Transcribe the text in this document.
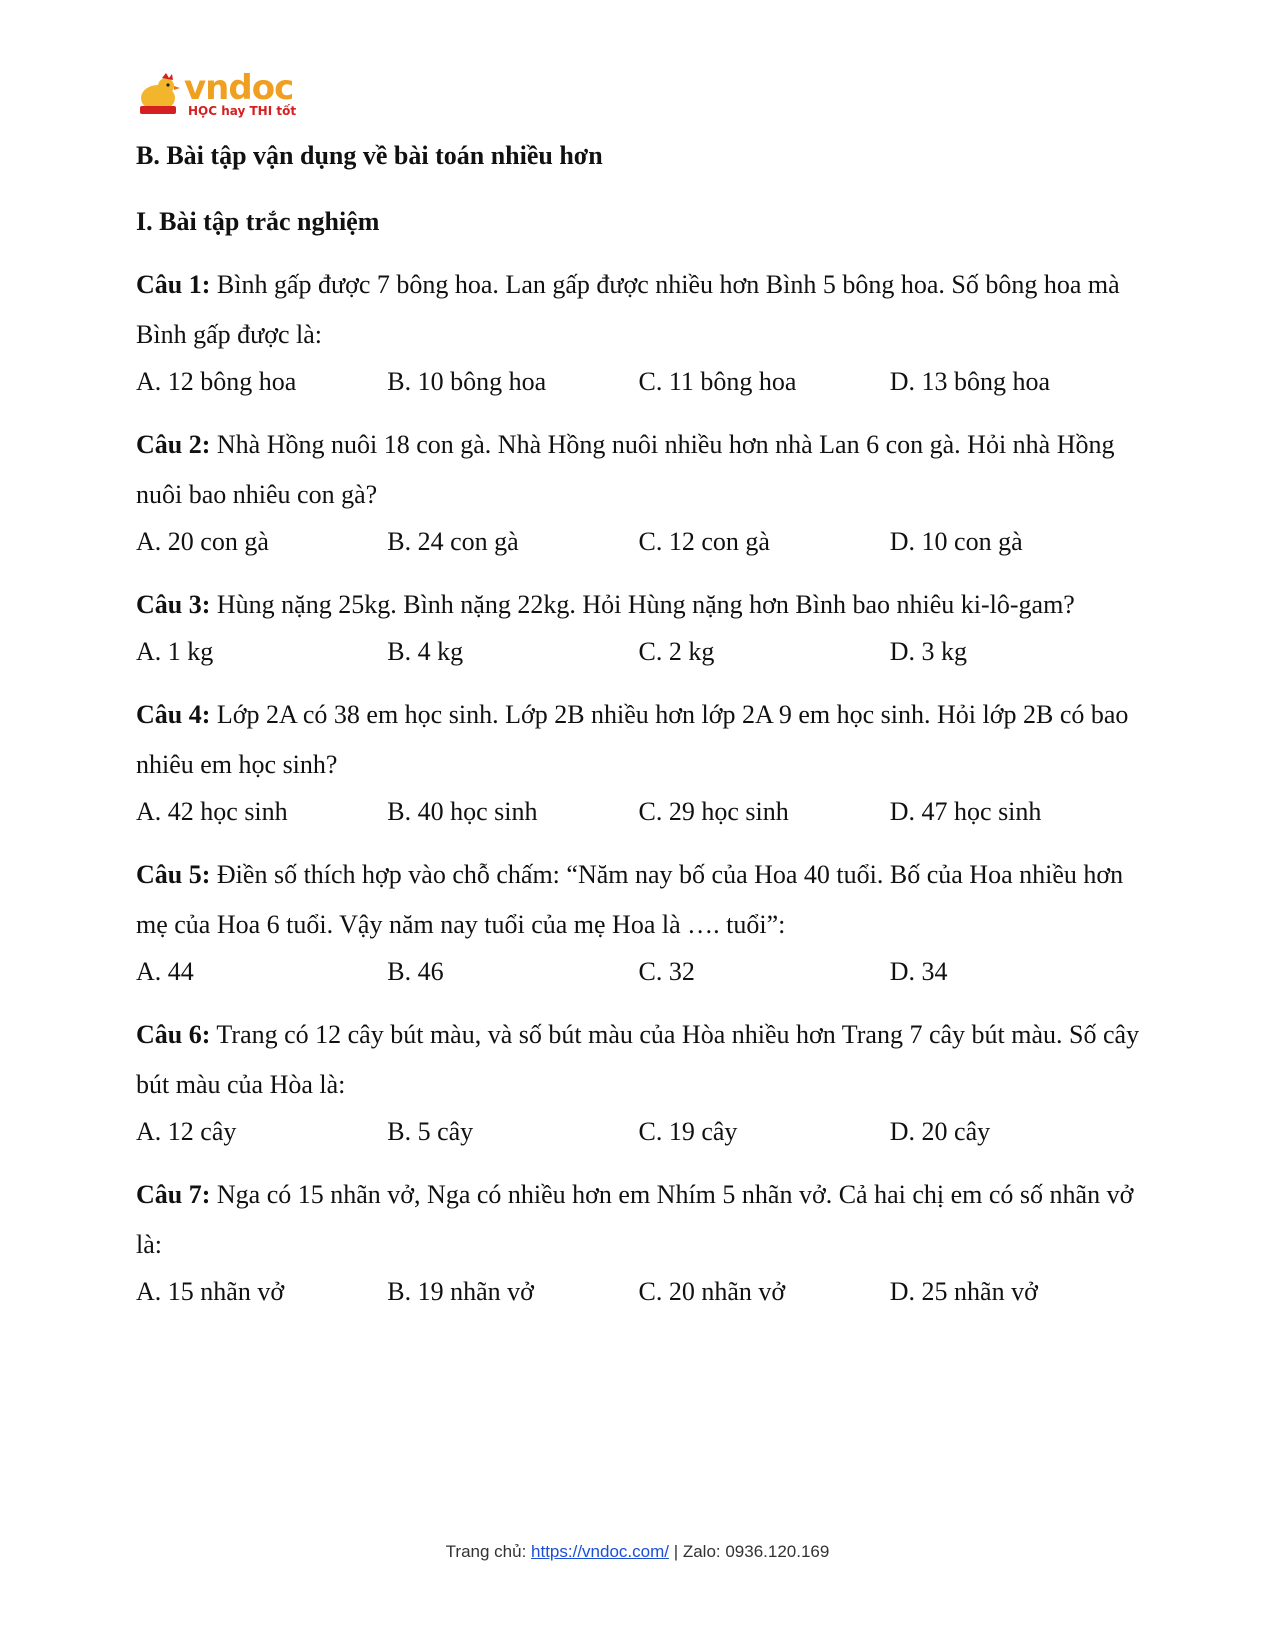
vndoc
HỌC hay THI tốt
B. Bài tập vận dụng về bài toán nhiều hơn
I. Bài tập trắc nghiệm

Câu 1: Bình gấp được 7 bông hoa. Lan gấp được nhiều hơn Bình 5 bông hoa. Số bông hoa mà Bình gấp được là:

A. 12 bông hoa	B. 10 bông hoa	C. 11 bông hoa	D. 13 bông hoa

Câu 2: Nhà Hồng nuôi 18 con gà. Nhà Hồng nuôi nhiều hơn nhà Lan 6 con gà. Hỏi nhà Hồng nuôi bao nhiêu con gà?

A. 20 con gà	B. 24 con gà	C. 12 con gà	D. 10 con gà

Câu 3: Hùng nặng 25kg. Bình nặng 22kg. Hỏi Hùng nặng hơn Bình bao nhiêu ki-lô-gam?

A. 1 kg	B. 4 kg	C. 2 kg	D. 3 kg

Câu 4: Lớp 2A có 38 em học sinh. Lớp 2B nhiều hơn lớp 2A 9 em học sinh. Hỏi lớp 2B có bao nhiêu em học sinh?

A. 42 học sinh	B. 40 học sinh	C. 29 học sinh	D. 47 học sinh

Câu 5: Điền số thích hợp vào chỗ chấm: “Năm nay bố của Hoa 40 tuổi. Bố của Hoa nhiều hơn mẹ của Hoa 6 tuổi. Vậy năm nay tuổi của mẹ Hoa là …. tuổi”:

A. 44	B. 46	C. 32	D. 34

Câu 6: Trang có 12 cây bút màu, và số bút màu của Hòa nhiều hơn Trang 7 cây bút màu. Số cây bút màu của Hòa là:

A. 12 cây	B. 5 cây	C. 19 cây	D. 20 cây

Câu 7: Nga có 15 nhãn vở, Nga có nhiều hơn em Nhím 5 nhãn vở. Cả hai chị em có số nhãn vở là:

A. 15 nhãn vở	B. 19 nhãn vở	C. 20 nhãn vở	D. 25 nhãn vở
Trang chủ: https://vndoc.com/ | Zalo: 0936.120.169
